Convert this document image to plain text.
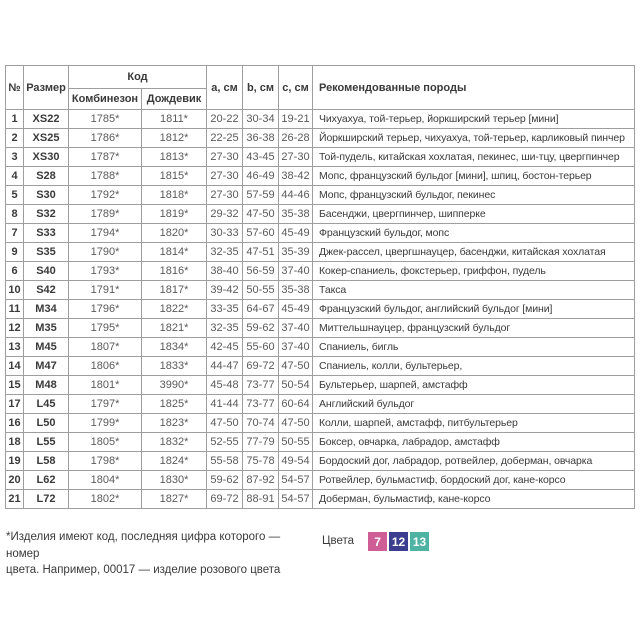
№	Размер	Код		а, см	b, см	с, см	Рекомендованные породы
		Комбинезон	Дождевик				
1	XS22	1785*	1811*	20-22	30-34	19-21	Чихуахуа, той-терьер, йоркширский терьер [мини]
2	XS25	1786*	1812*	22-25	36-38	26-28	Йоркширский терьер, чихуахуа, той-терьер, карликовый пинчер
3	XS30	1787*	1813*	27-30	43-45	27-30	Той-пудель, китайская хохлатая, пекинес, ши-тцу, цвергпинчер
4	S28	1788*	1815*	27-30	46-49	38-42	Мопс, французский бульдог [мини], шпиц, бостон-терьер
5	S30	1792*	1818*	27-30	57-59	44-46	Мопс, французский бульдог, пекинес
8	S32	1789*	1819*	29-32	47-50	35-38	Басенджи, цвергпинчер, шипперке
7	S33	1794*	1820*	30-33	57-60	45-49	Французский бульдог, мопс
9	S35	1790*	1814*	32-35	47-51	35-39	Джек-рассел, цвергшнауцер, басенджи, китайская хохлатая
6	S40	1793*	1816*	38-40	56-59	37-40	Кокер-спаниель, фокстерьер, гриффон, пудель
10	S42	1791*	1817*	39-42	50-55	35-38	Такса
11	M34	1796*	1822*	33-35	64-67	45-49	Французский бульдог, английский бульдог [мини]
12	M35	1795*	1821*	32-35	59-62	37-40	Миттельшнауцер, французский бульдог
13	M45	1807*	1834*	42-45	55-60	37-40	Спаниель, бигль
14	M47	1806*	1833*	44-47	69-72	47-50	Спаниель, колли, бультерьер,
15	M48	1801*	3990*	45-48	73-77	50-54	Бультерьер, шарпей, амстафф
17	L45	1797*	1825*	41-44	73-77	60-64	Английский бульдог
16	L50	1799*	1823*	47-50	70-74	47-50	Колли, шарпей, амстафф, питбультерьер
18	L55	1805*	1832*	52-55	77-79	50-55	Боксер, овчарка, лабрадор, амстафф
19	L58	1798*	1824*	55-58	75-78	49-54	Бордоский дог, лабрадор, ротвейлер, доберман, овчарка
20	L62	1804*	1830*	59-62	87-92	54-57	Ротвейлер, бульмастиф, бордоский дог, кане-корсо
21	L72	1802*	1827*	69-72	88-91	54-57	Доберман, бульмастиф, кане-корсо
*Изделия имеют код, последняя цифра которого — номер
цвета. Например, 00017 — изделие розового цвета
Цвета	7 12 13
